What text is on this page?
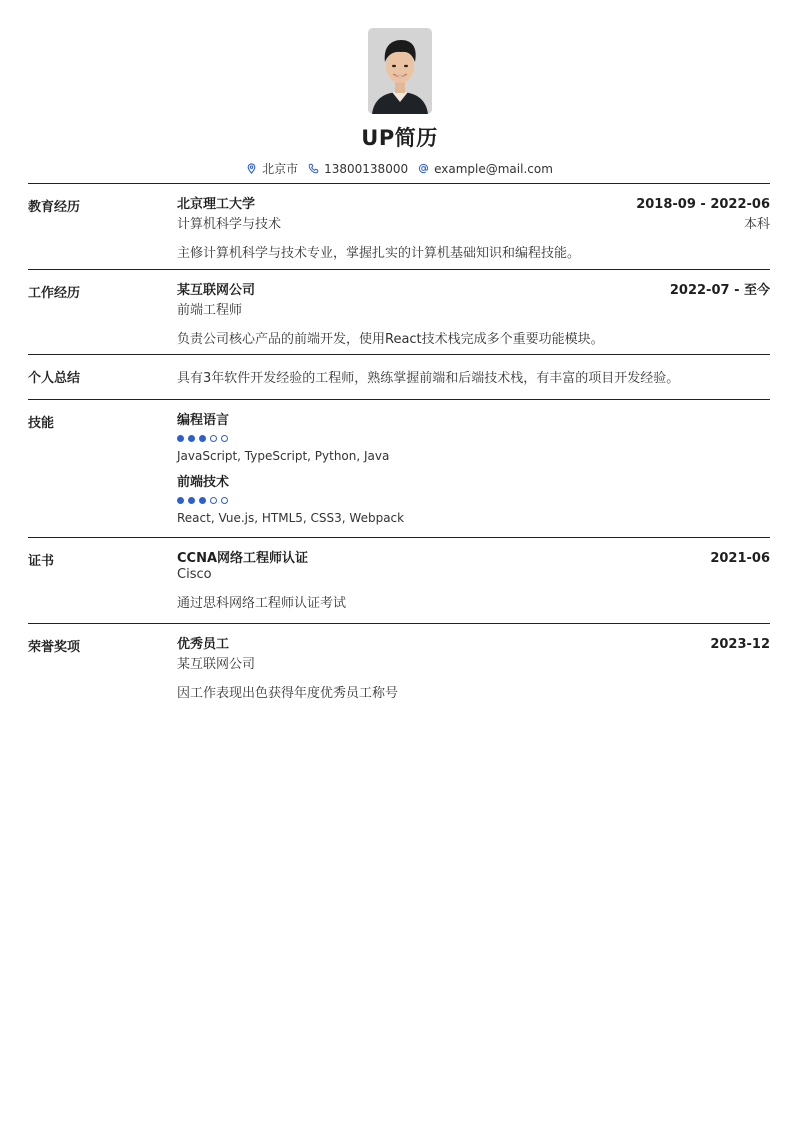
UP简历
北京市 13800138000 example@mail.com
教育经历	北京理工大学	2018-09 - 2022-06
计算机科学与技术	本科
主修计算机科学与技术专业，掌握扎实的计算机基础知识和编程技能。
工作经历	某互联网公司	2022-07 - 至今
前端工程师
负责公司核心产品的前端开发，使用React技术栈完成多个重要功能模块。
个人总结	具有3年软件开发经验的工程师，熟练掌握前端和后端技术栈，有丰富的项目开发经验。
技能	编程语言
JavaScript, TypeScript, Python, Java
前端技术
React, Vue.js, HTML5, CSS3, Webpack
证书	CCNA网络工程师认证	2021-06
Cisco
通过思科网络工程师认证考试
荣誉奖项	优秀员工	2023-12
某互联网公司
因工作表现出色获得年度优秀员工称号
